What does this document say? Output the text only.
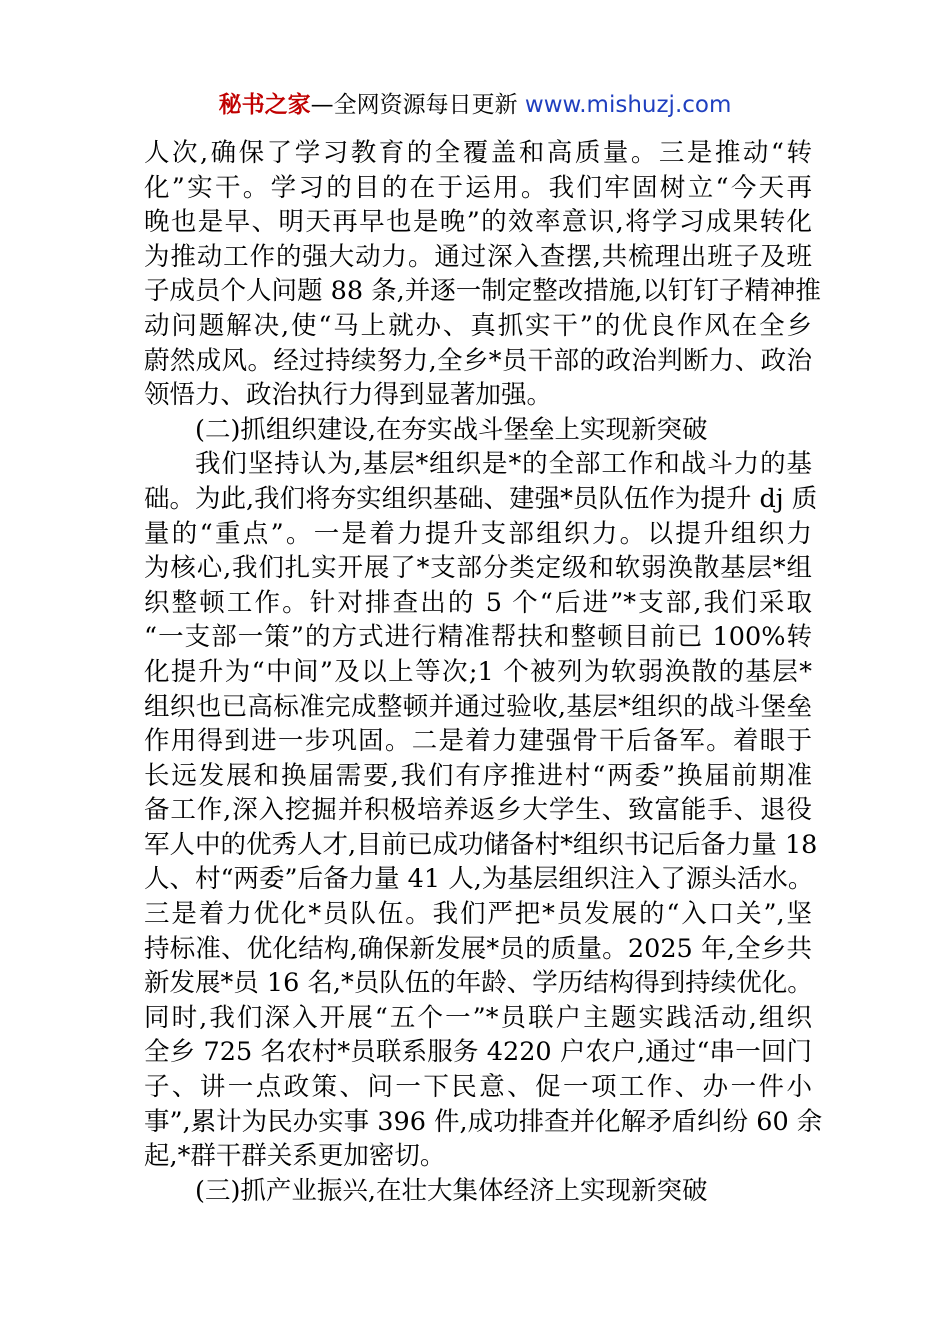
秘书之家—全网资源每日更新 www.mishuzj.com
人次,确保了学习教育的全覆盖和高质量。三是推动“转
化”实干。学习的目的在于运用。我们牢固树立“今天再
晚也是早、明天再早也是晚”的效率意识,将学习成果转化
为推动工作的强大动力。通过深入查摆,共梳理出班子及班
子成员个人问题 88 条,并逐一制定整改措施,以钉钉子精神推
动问题解决,使“马上就办、真抓实干”的优良作风在全乡
蔚然成风。经过持续努力,全乡*员干部的政治判断力、政治
领悟力、政治执行力得到显著加强。
(二)抓组织建设,在夯实战斗堡垒上实现新突破
我们坚持认为,基层*组织是*的全部工作和战斗力的基
础。为此,我们将夯实组织基础、建强*员队伍作为提升 dj 质
量的“重点”。一是着力提升支部组织力。以提升组织力
为核心,我们扎实开展了*支部分类定级和软弱涣散基层*组
织整顿工作。针对排查出的 5 个“后进”*支部,我们采取
“一支部一策”的方式进行精准帮扶和整顿目前已 100%转
化提升为“中间”及以上等次;1 个被列为软弱涣散的基层*
组织也已高标准完成整顿并通过验收,基层*组织的战斗堡垒
作用得到进一步巩固。二是着力建强骨干后备军。着眼于
长远发展和换届需要,我们有序推进村“两委”换届前期准
备工作,深入挖掘并积极培养返乡大学生、致富能手、退役
军人中的优秀人才,目前已成功储备村*组织书记后备力量 18
人、村“两委”后备力量 41 人,为基层组织注入了源头活水。
三是着力优化*员队伍。我们严把*员发展的“入口关”,坚
持标准、优化结构,确保新发展*员的质量。2025 年,全乡共
新发展*员 16 名,*员队伍的年龄、学历结构得到持续优化。
同时,我们深入开展“五个一”*员联户主题实践活动,组织
全乡 725 名农村*员联系服务 4220 户农户,通过“串一回门
子、讲一点政策、问一下民意、促一项工作、办一件小
事”,累计为民办实事 396 件,成功排查并化解矛盾纠纷 60 余
起,*群干群关系更加密切。
(三)抓产业振兴,在壮大集体经济上实现新突破
